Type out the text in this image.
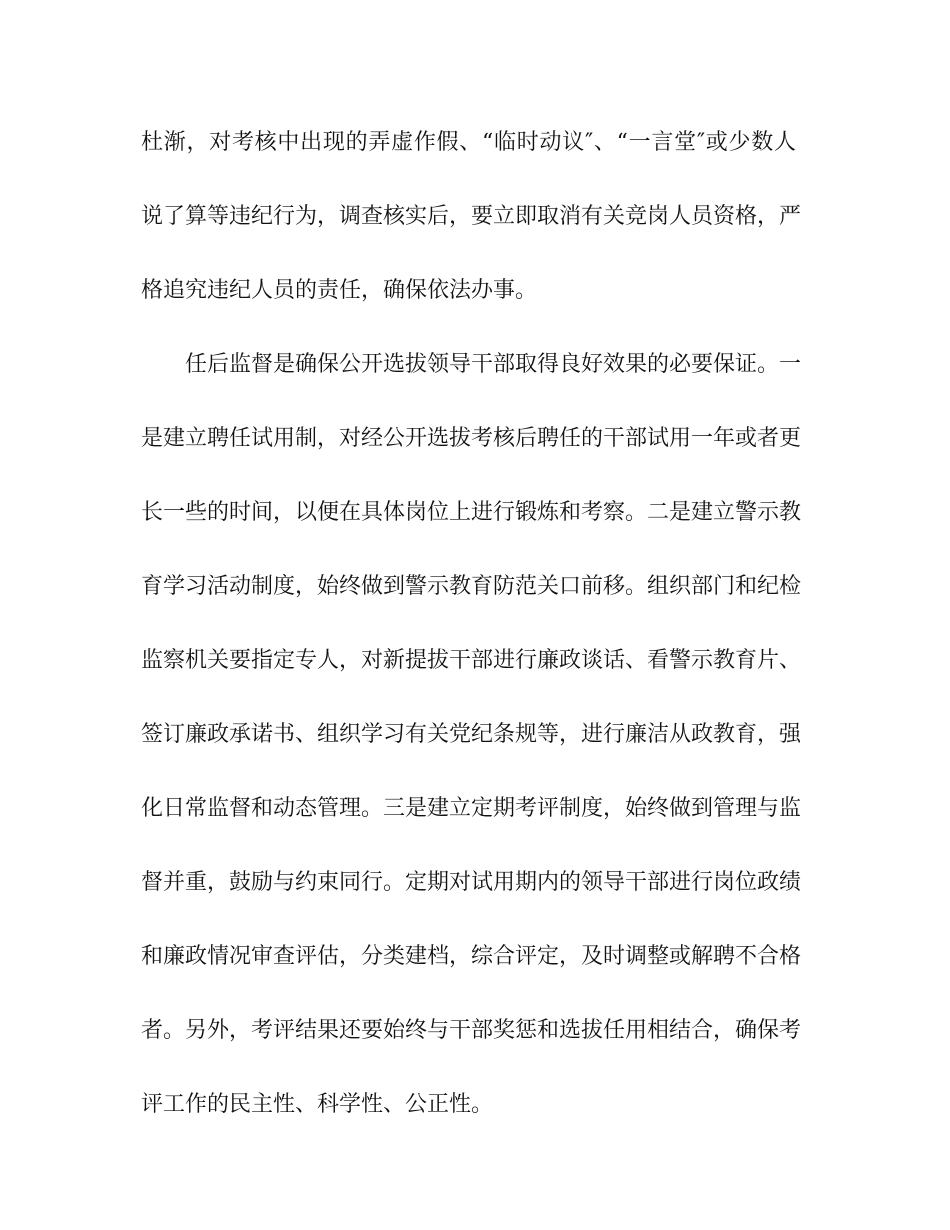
杜渐，对考核中出现的弄虚作假、“临时动议″、“一言堂″或少数人
说了算等违纪行为，调查核实后，要立即取消有关竞岗人员资格，严
格追究违纪人员的责任，确保依法办事。
任后监督是确保公开选拔领导干部取得良好效果的必要保证。一
是建立聘任试用制，对经公开选拔考核后聘任的干部试用一年或者更
长一些的时间，以便在具体岗位上进行锻炼和考察。二是建立警示教
育学习活动制度，始终做到警示教育防范关口前移。组织部门和纪检
监察机关要指定专人，对新提拔干部进行廉政谈话、看警示教育片、
签订廉政承诺书、组织学习有关党纪条规等，进行廉洁从政教育，强
化日常监督和动态管理。三是建立定期考评制度，始终做到管理与监
督并重，鼓励与约束同行。定期对试用期内的领导干部进行岗位政绩
和廉政情况审查评估，分类建档，综合评定，及时调整或解聘不合格
者。另外，考评结果还要始终与干部奖惩和选拔任用相结合，确保考
评工作的民主性、科学性、公正性。
